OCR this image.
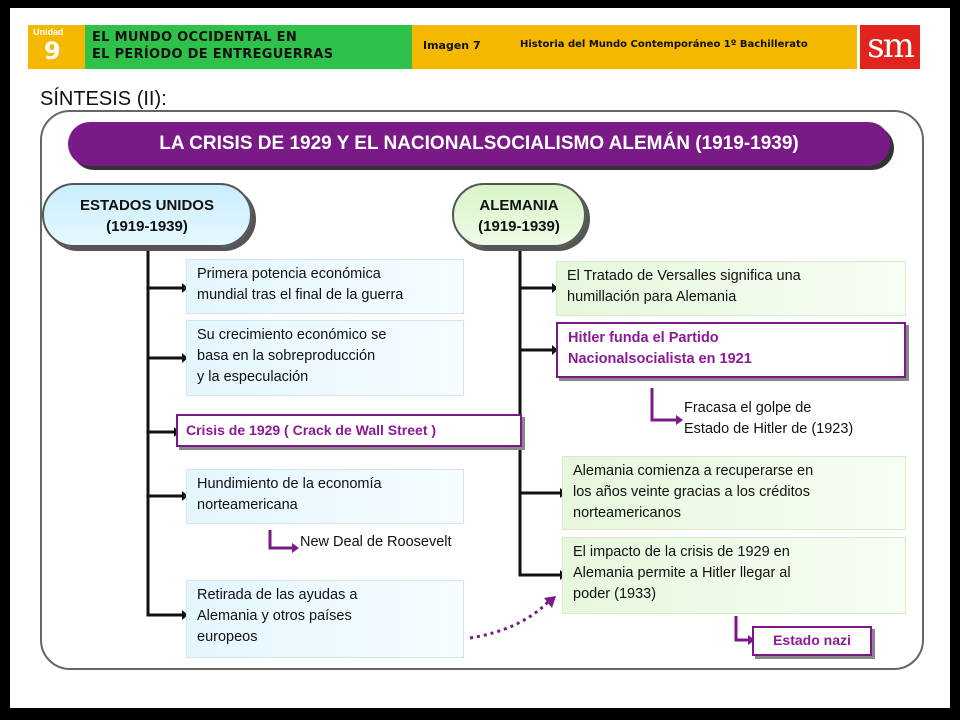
Unidad
9 EL MUNDO OCCIDENTAL EN
EL PERÍODO DE ENTREGUERRAS
Imagen 7	Historia del Mundo Contemporáneo 1º Bachillerato sm
SÍNTESIS (II):
LA CRISIS DE 1929 Y EL NACIONALSOCIALISMO ALEMÁN (1919-1939)
ESTADOS UNIDOS
(1919-1939)
Primera potencia económica
mundial tras el final de la guerra
Su crecimiento económico se
basa en la sobreproducción
y la especulación
Crisis de 1929 ( Crack de Wall Street )
Hundimiento de la economía
norteamericana
New Deal de Roosevelt
Retirada de las ayudas a
Alemania y otros países
europeos
ALEMANIA
(1919-1939)
El Tratado de Versalles significa una
humillación para Alemania
Hitler funda el Partido
Nacionalsocialista en 1921
Fracasa el golpe de
Estado de Hitler de (1923)
Alemania comienza a recuperarse en
los años veinte gracias a los créditos
norteamericanos
El impacto de la crisis de 1929 en
Alemania permite a Hitler llegar al
poder (1933)
Estado nazi
